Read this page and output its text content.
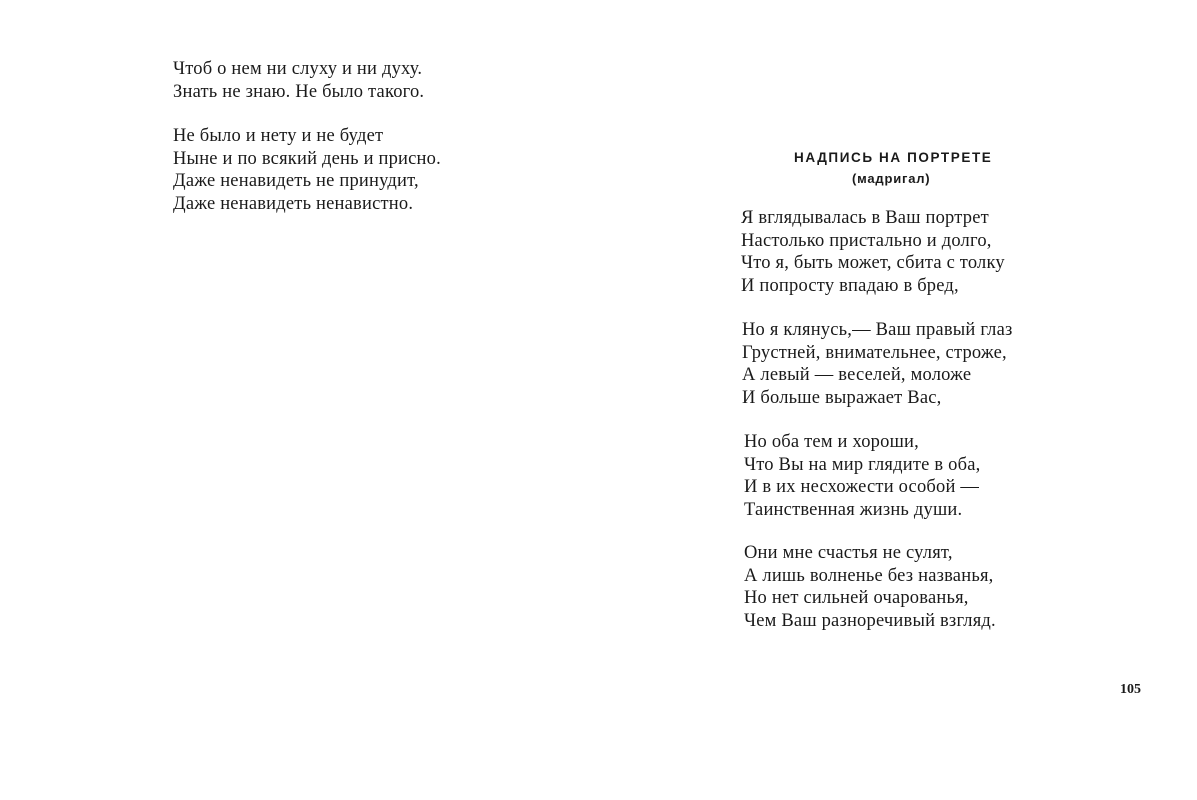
Чтоб о нем ни слуху и ни духу.
Знать не знаю. Не было такого.
Не было и нету и не будет
Ныне и по всякий день и присно.
Даже ненавидеть не принудит,
Даже ненавидеть ненавистно.
НАДПИСЬ НА ПОРТРЕТЕ
(мадригал)
Я вглядывалась в Ваш портрет
Настолько пристально и долго,
Что я, быть может, сбита с толку
И попросту впадаю в бред,
Но я клянусь,— Ваш правый глаз
Грустней, внимательнее, строже,
А левый — веселей, моложе
И больше выражает Вас,
Но оба тем и хороши,
Что Вы на мир глядите в оба,
И в их несхожести особой —
Таинственная жизнь души.
Они мне счастья не сулят,
А лишь волненье без названья,
Но нет сильней очарованья,
Чем Ваш разноречивый взгляд.
105
